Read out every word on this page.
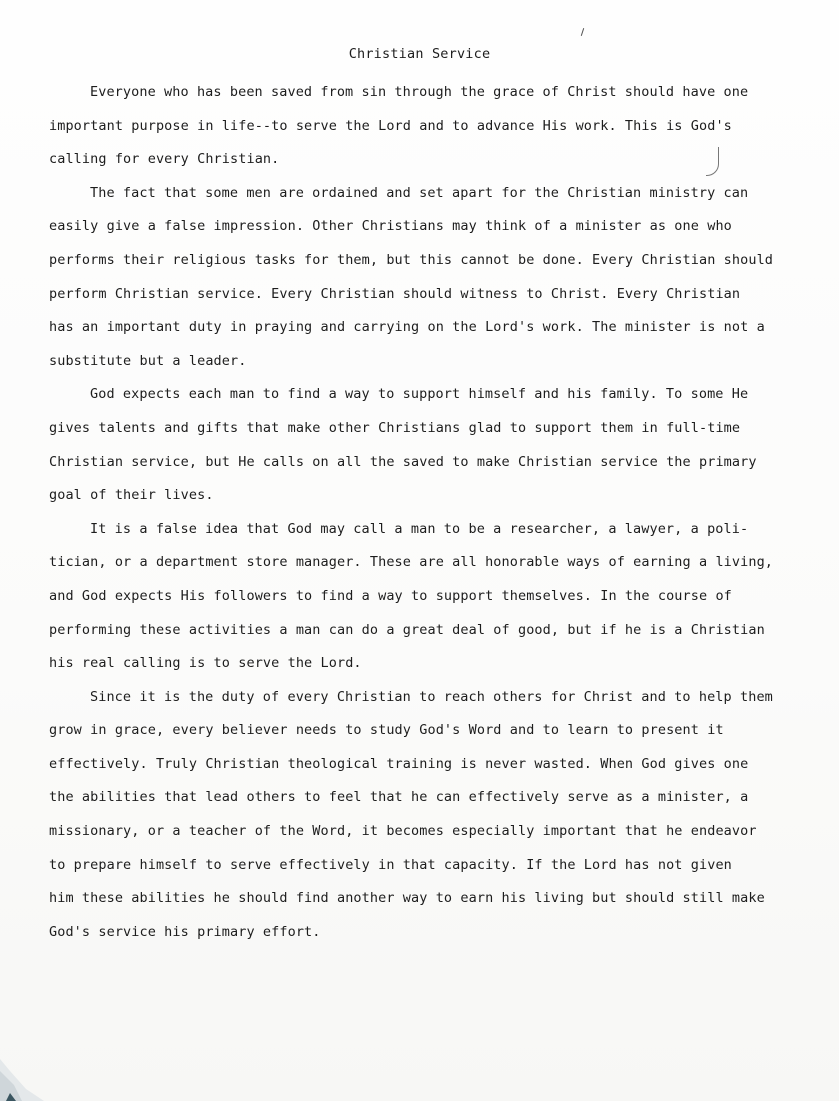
Christian Service

Everyone who has been saved from sin through the grace of Christ should have one
important purpose in life--to serve the Lord and to advance His work. This is God's
calling for every Christian.

The fact that some men are ordained and set apart for the Christian ministry can
easily give a false impression. Other Christians may think of a minister as one who
performs their religious tasks for them, but this cannot be done. Every Christian should
perform Christian service. Every Christian should witness to Christ. Every Christian
has an important duty in praying and carrying on the Lord's work. The minister is not a
substitute but a leader.

God expects each man to find a way to support himself and his family. To some He
gives talents and gifts that make other Christians glad to support them in full-time
Christian service, but He calls on all the saved to make Christian service the primary
goal of their lives.

It is a false idea that God may call a man to be a researcher, a lawyer, a poli-
tician, or a department store manager. These are all honorable ways of earning a living,
and God expects His followers to find a way to support themselves. In the course of
performing these activities a man can do a great deal of good, but if he is a Christian
his real calling is to serve the Lord.

Since it is the duty of every Christian to reach others for Christ and to help them
grow in grace, every believer needs to study God's Word and to learn to present it
effectively. Truly Christian theological training is never wasted. When God gives one
the abilities that lead others to feel that he can effectively serve as a minister, a
missionary, or a teacher of the Word, it becomes especially important that he endeavor
to prepare himself to serve effectively in that capacity. If the Lord has not given
him these abilities he should find another way to earn his living but should still make
God's service his primary effort.
